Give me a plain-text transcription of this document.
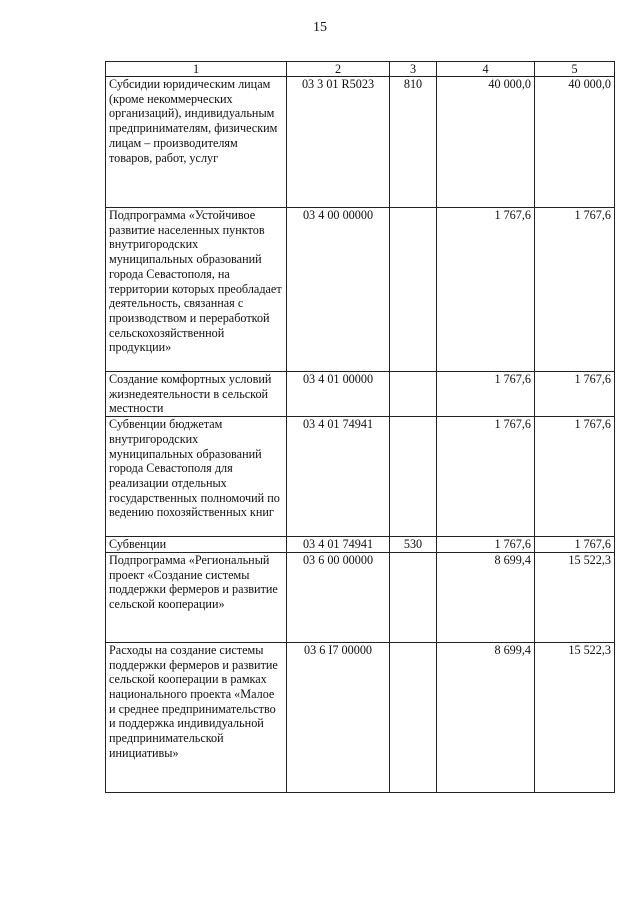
15
1	2	3	4	5
Субсидии юридическим лицам (кроме некоммерческих организаций), индивидуальным предпринимателям, физическим лицам – производителям товаров, работ, услуг	03 3 01 R5023	810	40 000,0	40 000,0
Подпрограмма «Устойчивое развитие населенных пунктов внутригородских муниципальных образований города Севастополя, на территории которых преобладает деятельность, связанная с производством и переработкой сельскохозяйственной продукции»	03 4 00 00000		1 767,6	1 767,6
Создание комфортных условий жизнедеятельности в сельской местности	03 4 01 00000		1 767,6	1 767,6
Субвенции бюджетам внутригородских муниципальных образований города Севастополя для реализации отдельных государственных полномочий по ведению похозяйственных книг	03 4 01 74941		1 767,6	1 767,6
Субвенции	03 4 01 74941	530	1 767,6	1 767,6
Подпрограмма «Региональный проект «Создание системы поддержки фермеров и развитие сельской кооперации»	03 6 00 00000		8 699,4	15 522,3
Расходы на создание системы поддержки фермеров и развитие сельской кооперации в рамках национального проекта «Малое и среднее предпринимательство и поддержка индивидуальной предпринимательской инициативы»	03 6 I7 00000		8 699,4	15 522,3
